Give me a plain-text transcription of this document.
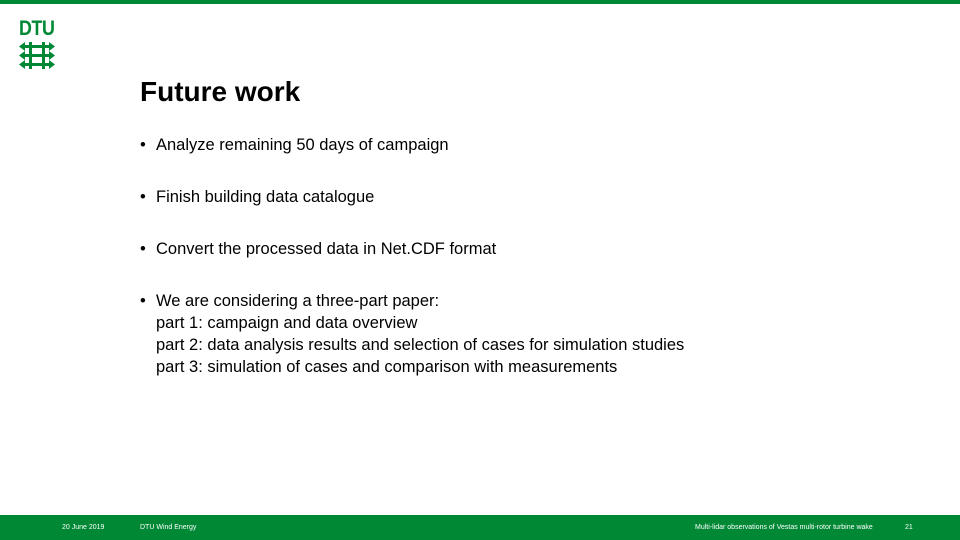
DTU
Future work
• Analyze remaining 50 days of campaign
• Finish building data catalogue
• Convert the processed data in Net.CDF format
• We are considering a three-part paper:
part 1: campaign and data overview
part 2: data analysis results and selection of cases for simulation studies
part 3: simulation of cases and comparison with measurements
20 June 2019	DTU Wind Energy	Multi-lidar observations of Vestas multi-rotor turbine wake	21
